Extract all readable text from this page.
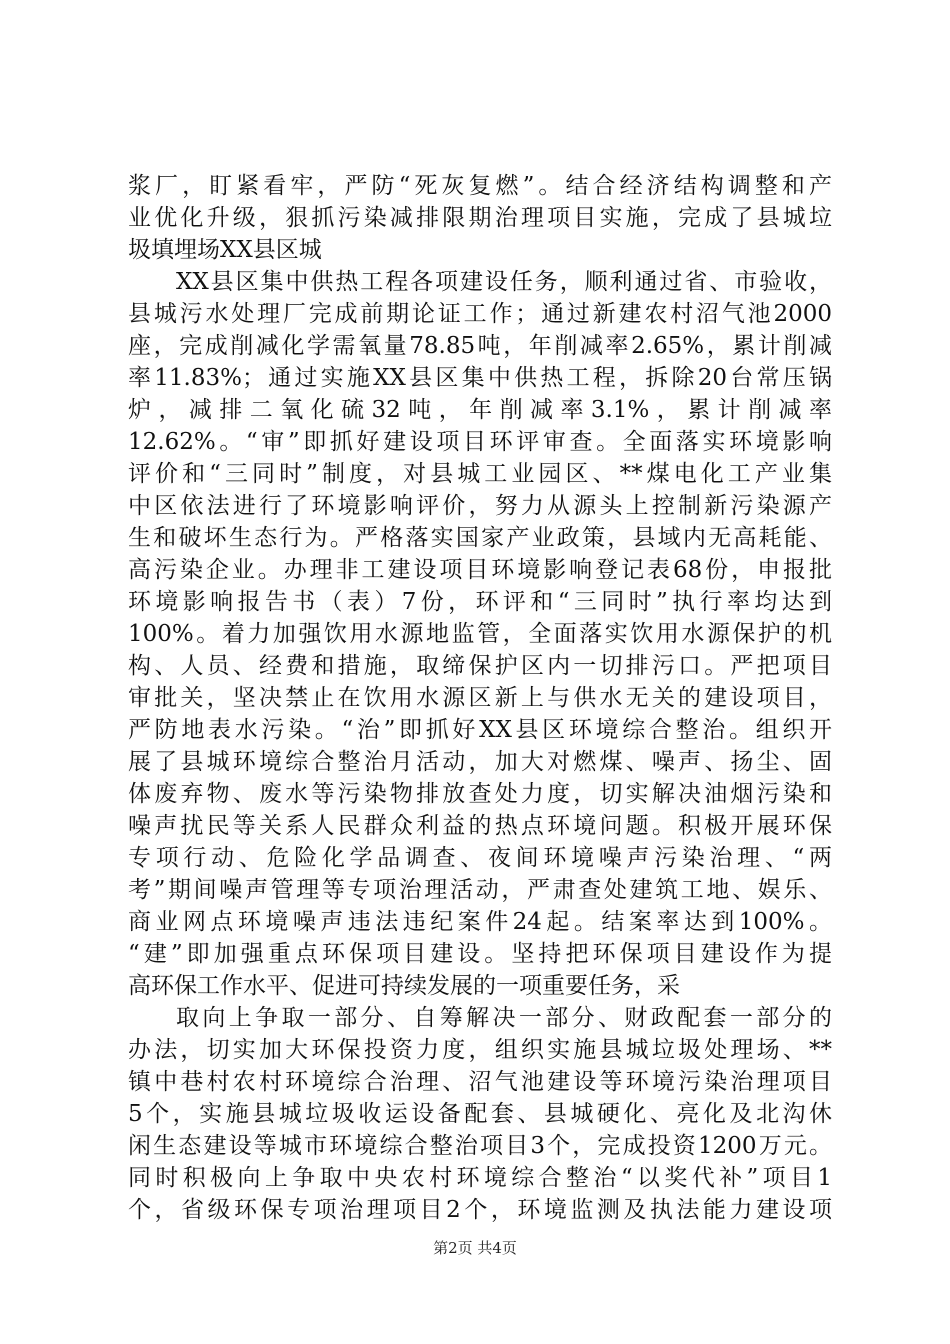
浆厂，盯紧看牢，严防“死灰复燃”。结合经济结构调整和产
业优化升级，狠抓污染减排限期治理项目实施，完成了县城垃
圾填埋场XX县区城
XX县区集中供热工程各项建设任务，顺利通过省、市验收，
县城污水处理厂完成前期论证工作；通过新建农村沼气池2000
座，完成削减化学需氧量78.85吨，年削减率2.65%，累计削减
率11.83%；通过实施XX县区集中供热工程，拆除20台常压锅
炉，减排二氧化硫32吨，年削减率3.1%，累计削减率
12.62%。“审”即抓好建设项目环评审查。全面落实环境影响
评价和“三同时”制度，对县城工业园区、**煤电化工产业集
中区依法进行了环境影响评价，努力从源头上控制新污染源产
生和破坏生态行为。严格落实国家产业政策，县域内无高耗能、
高污染企业。办理非工建设项目环境影响登记表68份，申报批
环境影响报告书（表）7份，环评和“三同时”执行率均达到
100%。着力加强饮用水源地监管，全面落实饮用水源保护的机
构、人员、经费和措施，取缔保护区内一切排污口。严把项目
审批关，坚决禁止在饮用水源区新上与供水无关的建设项目，
严防地表水污染。“治”即抓好XX县区环境综合整治。组织开
展了县城环境综合整治月活动，加大对燃煤、噪声、扬尘、固
体废弃物、废水等污染物排放查处力度，切实解决油烟污染和
噪声扰民等关系人民群众利益的热点环境问题。积极开展环保
专项行动、危险化学品调查、夜间环境噪声污染治理、“两
考”期间噪声管理等专项治理活动，严肃查处建筑工地、娱乐、
商业网点环境噪声违法违纪案件24起。结案率达到100%。
“建”即加强重点环保项目建设。坚持把环保项目建设作为提
高环保工作水平、促进可持续发展的一项重要任务，采
取向上争取一部分、自筹解决一部分、财政配套一部分的
办法，切实加大环保投资力度，组织实施县城垃圾处理场、**
镇中巷村农村环境综合治理、沼气池建设等环境污染治理项目
5个，实施县城垃圾收运设备配套、县城硬化、亮化及北沟休
闲生态建设等城市环境综合整治项目3个，完成投资1200万元。
同时积极向上争取中央农村环境综合整治“以奖代补”项目1
个，省级环保专项治理项目2个，环境监测及执法能力建设项
第2页 共4页
